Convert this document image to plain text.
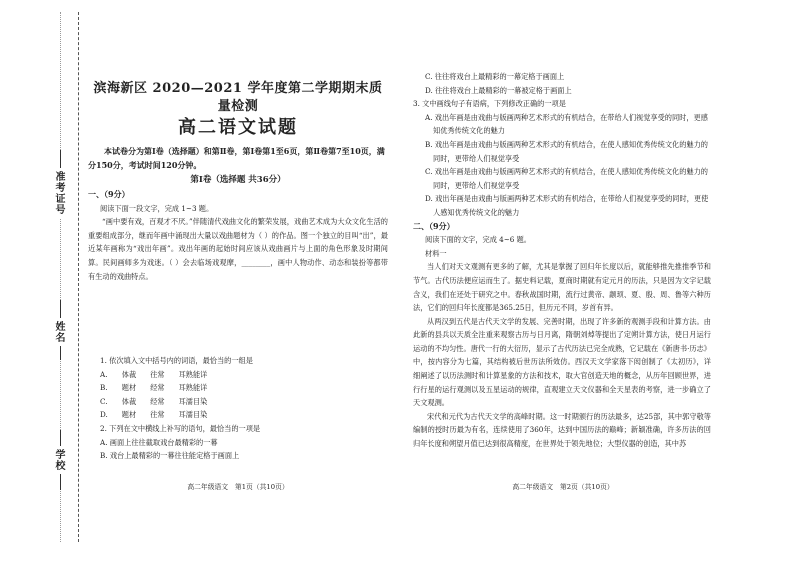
准考证号
姓名
学校

滨海新区 2020—2021 学年度第二学期期末质量检测

高二语文试题

本试卷分为第Ⅰ卷（选择题）和第Ⅱ卷，第Ⅰ卷第1至6页，第Ⅱ卷第7至10页，满分150分，考试时间120分钟。

第Ⅰ卷（选择题 共36分）

一、（9分）

阅读下面一段文字，完成 1~3 题。

“画中要有戏，百观才不厌。”伴随清代戏曲文化的繁荣发展，戏曲艺术成为大众文化生活的重要组成部分，继而年画中涌现出大量以戏曲题材为（ ）的作品。图一个独立的目叫“出”，最近某年画称为“戏出年画”。戏出年画的起始时间应该从戏曲画片与上面的角色形象及时期间算。民间画师多为戏迷。（ ）会去临场戏观摩，________，画中人物动作、动态和装扮等都带有生动的戏曲特点。

1. 依次填入文中括号内的词语，最恰当的一组是

A.	体裁	往常	耳熟能详
B.	题材	经常	耳熟能详
C.	体裁	经常	耳濡目染
D.	题材	往常	耳濡目染

2. 下列在文中横线上补写的语句，最恰当的一项是

A. 画面上往往截取戏台最精彩的一幕

B. 戏台上最精彩的一幕往往能定格于画面上

高二年级语文　第1页（共10页）

C. 往往将戏台上最精彩的一幕定格于画面上

D. 往往将戏台上最精彩的一幕被定格于画面上

3. 文中画线句子有语病，下列修改正确的一项是

A. 戏出年画是由戏曲与版画两种艺术形式的有机结合，在带给人们视觉享受的同时，更感知优秀传统文化的魅力

B. 戏出年画是由戏曲与版画两种艺术形式的有机结合，在使人感知优秀传统文化的魅力的同时，更带给人们视觉享受

C. 戏出年画是由戏曲与版画两种艺术形式的有机结合，在使人感知优秀传统文化的魅力的同时，更带给人们视觉享受

D. 戏出年画是由戏曲与版画两种艺术形式的有机结合，在带给人们视觉享受的同时，更使人感知优秀传统文化的魅力

二、（9分）

阅读下面的文字，完成 4~6 题。

材料一

当人们对天文观测有更多的了解，尤其是掌握了回归年长度以后，就能够推先推推季节和节气。古代历法便应运而生了。据史料记载，夏商时期就有定元月的历法，只是因为文字记载含义，我们在还处于研究之中。春秋战国时期，流行过黄帝、颛顼、夏、殷、周、鲁等六种历法，它们的回归年长度都是365.25日，但历元不同，岁首有异。

从两汉到五代是古代天文学的发展、完善时期，出现了许多新的观测手段和计算方法。由此新的县兵以天质全注重来观察古历与日月离，隋朝刘焯等提出了定朔计算方法，使日月运行运动的不均匀性。唐代一行的大衍历，显示了古代历法已完全成熟，它记载在《新唐书·历志》中，按内容分为七篇，其结构被后世历法所效仿。西汉天文学家落下闳创制了《太初历》，详细阐述了以历法测时和计算星象的方法和技术，取大官创造天地的概念，从历年回顾世界，进行行星的运行观测以及五星运动的规律，直观建立天文仪器和全天星表的考察，进一步确立了天文观测。

宋代和元代为古代天文学的高峰时期。这一时期颁行的历法最多，达25部，其中郭守敬等编制的授时历最为有名，连续使用了360年，达到中国历法的巅峰；新颖准确，许多历法的回归年长度和朔望月值已达到很高精度，在世界处于领先地位；大型仪器的创造，其中苏

高二年级语文　第2页（共10页）
